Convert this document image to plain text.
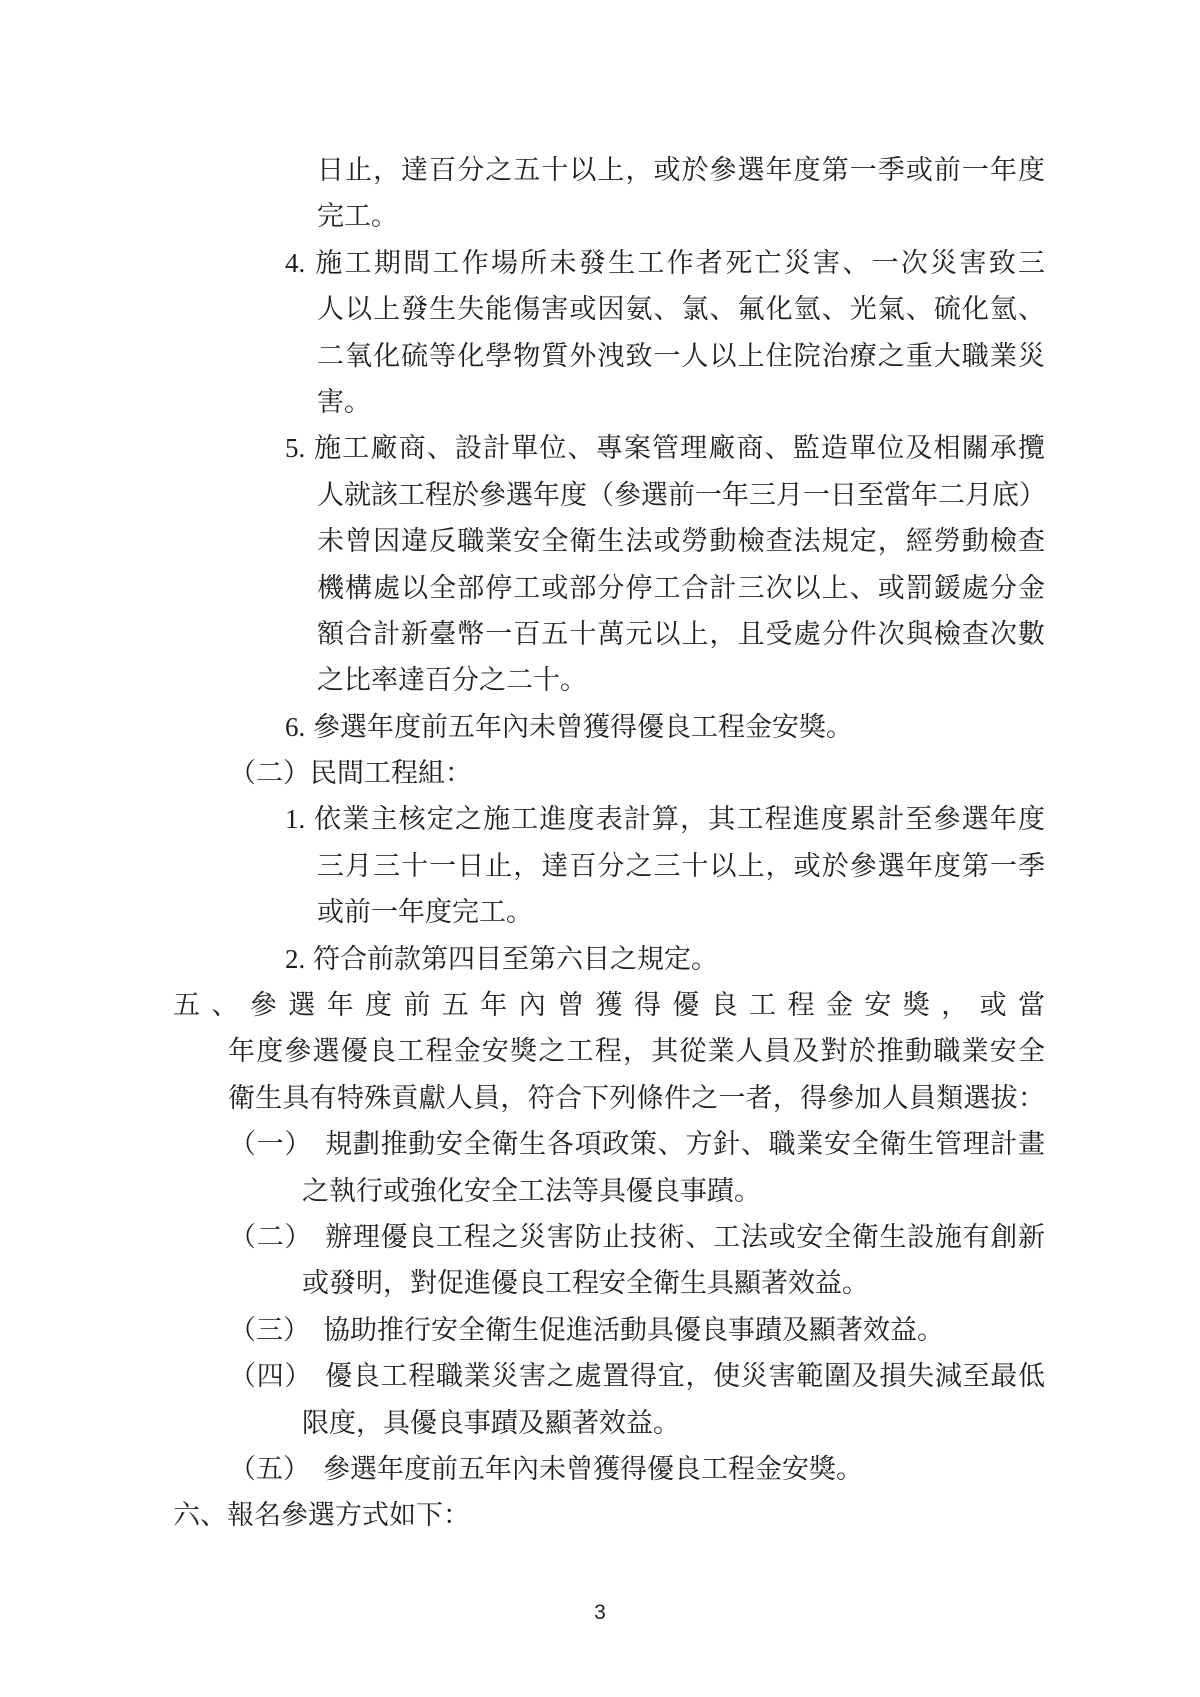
日止，達百分之五十以上，或於參選年度第一季或前一年度
完工。
4. 施工期間工作場所未發生工作者死亡災害、一次災害致三
人以上發生失能傷害或因氨、氯、氟化氫、光氣、硫化氫、
二氧化硫等化學物質外洩致一人以上住院治療之重大職業災
害。
5. 施工廠商、設計單位、專案管理廠商、監造單位及相關承攬
人就該工程於參選年度（參選前一年三月一日至當年二月底）
未曾因違反職業安全衛生法或勞動檢查法規定，經勞動檢查
機構處以全部停工或部分停工合計三次以上、或罰鍰處分金
額合計新臺幣一百五十萬元以上，且受處分件次與檢查次數
之比率達百分之二十。
6. 參選年度前五年內未曾獲得優良工程金安獎。
（二）民間工程組：
1. 依業主核定之施工進度表計算，其工程進度累計至參選年度
三月三十一日止，達百分之三十以上，或於參選年度第一季
或前一年度完工。
2. 符合前款第四目至第六目之規定。
五、參選年度前五年內曾獲得優良工程金安獎，或當
年度參選優良工程金安獎之工程，其從業人員及對於推動職業安全
衛生具有特殊貢獻人員，符合下列條件之一者，得參加人員類選拔：
（一） 規劃推動安全衛生各項政策、方針、職業安全衛生管理計畫
之執行或強化安全工法等具優良事蹟。
（二） 辦理優良工程之災害防止技術、工法或安全衛生設施有創新
或發明，對促進優良工程安全衛生具顯著效益。
（三） 協助推行安全衛生促進活動具優良事蹟及顯著效益。
（四） 優良工程職業災害之處置得宜，使災害範圍及損失減至最低
限度，具優良事蹟及顯著效益。
（五） 參選年度前五年內未曾獲得優良工程金安獎。
六、報名參選方式如下：
3
